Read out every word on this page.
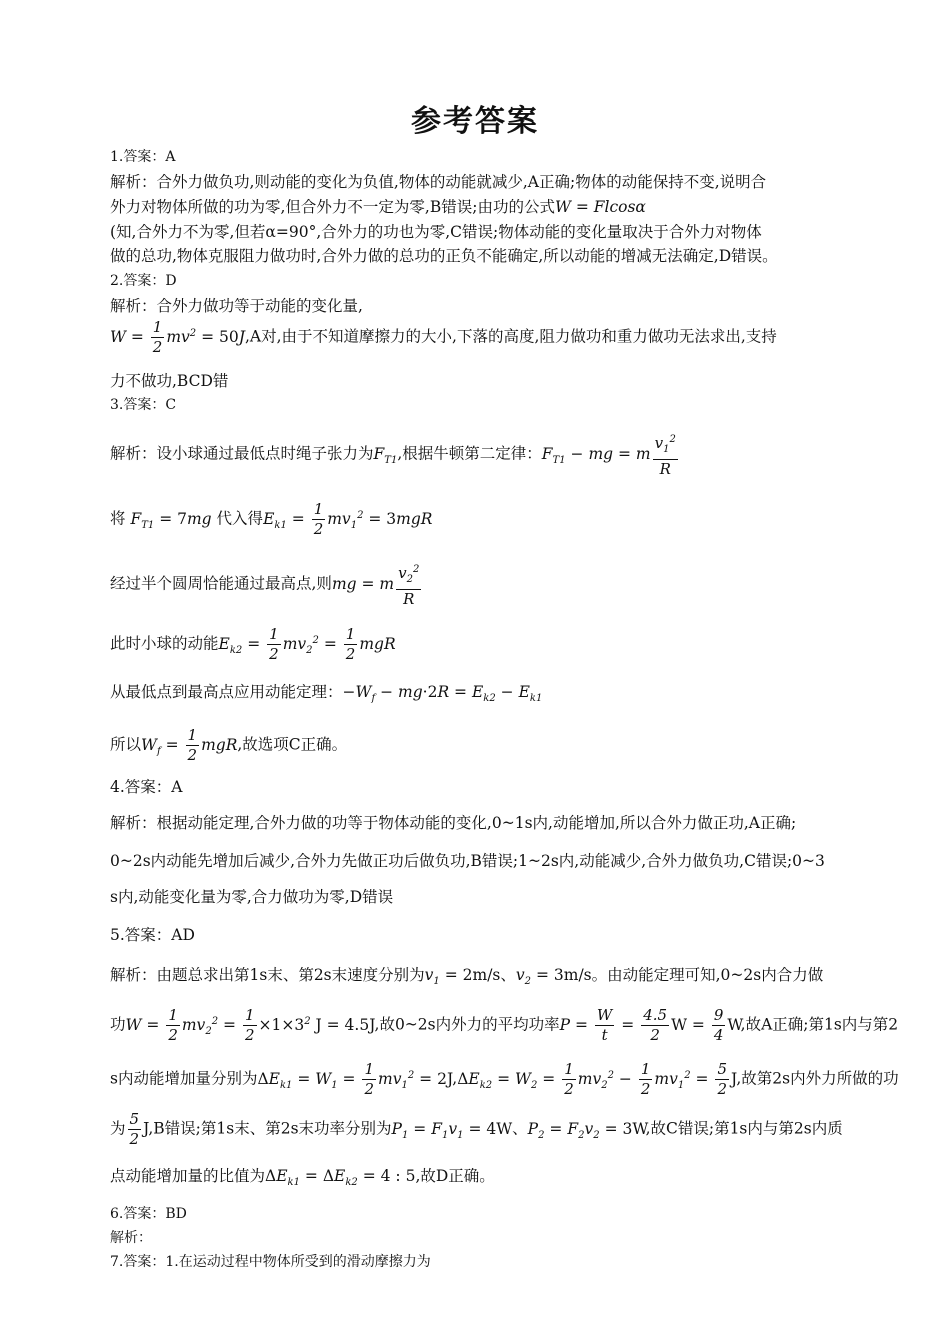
参考答案
1.答案：A
解析：合外力做负功,则动能的变化为负值,物体的动能就减少,A正确;物体的动能保持不变,说明合
外力对物体所做的功为零,但合外力不一定为零,B错误;由功的公式W = Flcosα
(知,合外力不为零,但若α=90°,合外力的功也为零,C错误;物体动能的变化量取决于合外力对物体
做的总功,物体克服阻力做功时,合外力做的总功的正负不能确定,所以动能的增减无法确定,D错误。
2.答案：D
解析：合外力做功等于动能的变化量,
$W = \frac{1}{2} mv^2 = 50J,A$对,由于不知道摩擦力的大小,下落的高度,阻力做功和重力做功无法求出,支持
力不做功,BCD错
3.答案：C
解析：设小球通过最低点时绳子张力为$F_{T1}$,根据牛顿第二定律：$F_{T1}$ − mg = m $\frac{v_1^2}{R}$
将 $F_{T1} = 7mg$ 代入得$E_{k1} = \frac{1}{2} mv_1^2 = 3mgR$
经过半个圆周恰能通过最高点,则mg = m $\frac{v_2^2}{R}$
此时小球的动能$E_{k2} = \frac{1}{2} mv_2^2 = \frac{1}{2}$ mgR
从最低点到最高点应用动能定理：$-W_f - mg\cdot 2R = E_{k2} - E_{k1}$
所以$W_f = \frac{1}{2}$ mgR,故选项C正确。
4.答案：A
解析：根据动能定理,合外力做的功等于物体动能的变化,0~1s内,动能增加,所以合外力做正功,A正确;
0~2s内动能先增加后减少,合外力先做正功后做负功,B错误;1~2s内,动能减少,合外力做负功,C错误;0~3
s内,动能变化量为零,合力做功为零,D错误
5.答案：AD
解析：由题总求出第1s末、第2s末速度分别为$v_1 = 2m/s$、$v_2 = 3m/s$。由动能定理可知,0~2s内合力做
功$W = \frac{1}{2} mv_2^2 = \frac{1}{2} \times 1\times 3^2$ J = 4.5J,故0~2s内外力的平均功率$P = \frac{W}{t} = \frac{4.5}{2}$ $W = \frac{9}{4} W$,故A正确;第1s内与第2
s内动能增加量分别为$\Delta E_{k1} = W_1 = \frac{1}{2} mv_1^2 = 2J,\Delta E_{k2} = W_2 = \frac{1}{2} mv_2^2 - \frac{1}{2} mv_1^2 = \frac{5}{2} J$,故第2s内外力所做的功
为 $\frac{5}{2} J,B$错误;第1s末、第2s末功率分别为$P_1 = F_1v_1 = 4W$、$P_2 = F_2v_2 = 3W$,故C错误;第1s内与第2s内质
点动能增加量的比值为$\Delta E_{k1} = \Delta E_{k2} = 4$ : 5,故D正确。
6.答案：BD
解析：
7.答案：1.在运动过程中物体所受到的滑动摩擦力为
